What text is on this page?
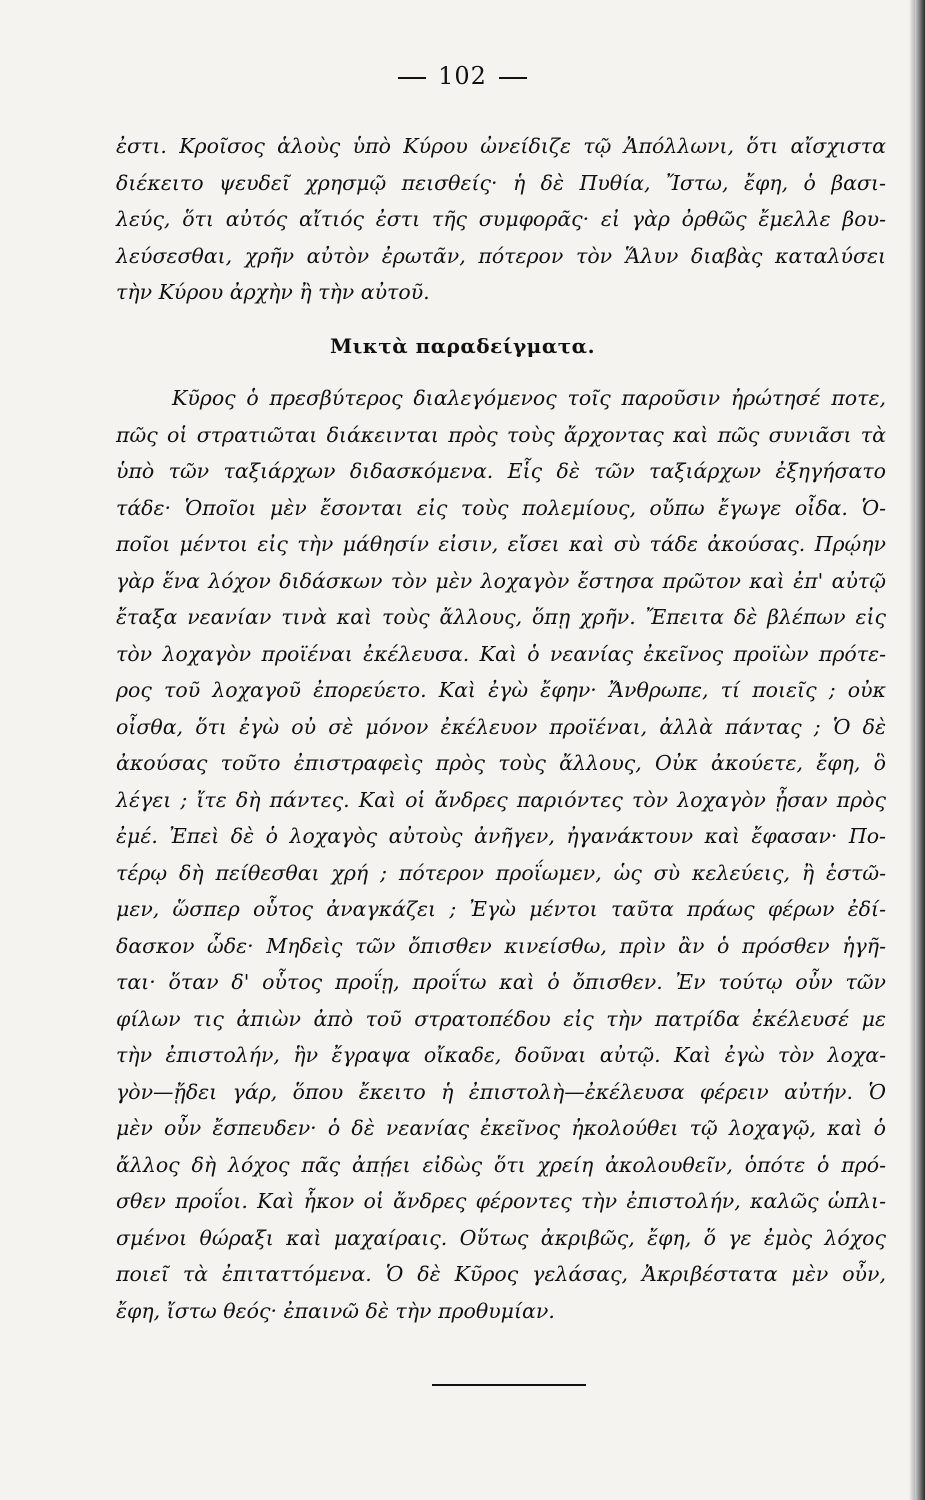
102
ἐστι. Κροῖσος ἁλοὺς ὑπὸ Κύρου ὠνείδιζε τῷ Ἀπόλλωνι, ὅτι αἴσχιστα
διέκειτο ψευδεῖ χρησμῷ πεισθείς· ἡ δὲ Πυθία, Ἴστω, ἔφη, ὁ βασι-
λεύς, ὅτι αὐτός αἴτιός ἐστι τῆς συμφορᾶς· εἰ γὰρ ὀρθῶς ἔμελλε βου-
λεύσεσθαι, χρῆν αὐτὸν ἐρωτᾶν, πότερον τὸν Ἅλυν διαβὰς καταλύσει
τὴν Κύρου ἀρχὴν ἢ τὴν αὐτοῦ.
Μικτὰ παραδείγματα.
Κῦρος ὁ πρεσβύτερος διαλεγόμενος τοῖς παροῦσιν ἠρώτησέ ποτε,
πῶς οἱ στρατιῶται διάκεινται πρὸς τοὺς ἄρχοντας καὶ πῶς συνιᾶσι τὰ
ὑπὸ τῶν ταξιάρχων διδασκόμενα. Εἷς δὲ τῶν ταξιάρχων ἐξηγήσατο
τάδε· Ὁποῖοι μὲν ἔσονται εἰς τοὺς πολεμίους, οὔπω ἔγωγε οἶδα. Ὁ-
ποῖοι μέντοι εἰς τὴν μάθησίν εἰσιν, εἴσει καὶ σὺ τάδε ἀκούσας. Πρῴην
γὰρ ἕνα λόχον διδάσκων τὸν μὲν λοχαγὸν ἔστησα πρῶτον καὶ ἐπ' αὐτῷ
ἔταξα νεανίαν τινὰ καὶ τοὺς ἄλλους, ὅπῃ χρῆν. Ἔπειτα δὲ βλέπων εἰς
τὸν λοχαγὸν προϊέναι ἐκέλευσα. Καὶ ὁ νεανίας ἐκεῖνος προϊὼν πρότε-
ρος τοῦ λοχαγοῦ ἐπορεύετο. Καὶ ἐγὼ ἔφην· Ἄνθρωπε, τί ποιεῖς ; οὐκ
οἶσθα, ὅτι ἐγὼ οὐ σὲ μόνον ἐκέλευον προϊέναι, ἀλλὰ πάντας ; Ὁ δὲ
ἀκούσας τοῦτο ἐπιστραφεὶς πρὸς τοὺς ἄλλους, Οὐκ ἀκούετε, ἔφη, ὃ
λέγει ; ἴτε δὴ πάντες. Καὶ οἱ ἄνδρες παριόντες τὸν λοχαγὸν ᾖσαν πρὸς
ἐμέ. Ἐπεὶ δὲ ὁ λοχαγὸς αὐτοὺς ἀνῆγεν, ἠγανάκτουν καὶ ἔφασαν· Πο-
τέρῳ δὴ πείθεσθαι χρή ; πότερον προΐωμεν, ὡς σὺ κελεύεις, ἢ ἑστῶ-
μεν, ὥσπερ οὗτος ἀναγκάζει ; Ἐγὼ μέντοι ταῦτα πράως φέρων ἐδί-
δασκον ὧδε· Μηδεὶς τῶν ὄπισθεν κινείσθω, πρὶν ἂν ὁ πρόσθεν ἡγῆ-
ται· ὅταν δ' οὗτος προΐῃ, προΐτω καὶ ὁ ὄπισθεν. Ἐν τούτῳ οὖν τῶν
φίλων τις ἀπιὼν ἀπὸ τοῦ στρατοπέδου εἰς τὴν πατρίδα ἐκέλευσέ με
τὴν ἐπιστολήν, ἣν ἔγραψα οἴκαδε, δοῦναι αὐτῷ. Καὶ ἐγὼ τὸν λοχα-
γὸν—ᾔδει γάρ, ὅπου ἔκειτο ἡ ἐπιστολὴ—ἐκέλευσα φέρειν αὐτήν. Ὁ
μὲν οὖν ἔσπευδεν· ὁ δὲ νεανίας ἐκεῖνος ἠκολούθει τῷ λοχαγῷ, καὶ ὁ
ἄλλος δὴ λόχος πᾶς ἀπῄει εἰδὼς ὅτι χρείη ἀκολουθεῖν, ὁπότε ὁ πρό-
σθεν προΐοι. Καὶ ἧκον οἱ ἄνδρες φέροντες τὴν ἐπιστολήν, καλῶς ὡπλι-
σμένοι θώραξι καὶ μαχαίραις. Οὕτως ἀκριβῶς, ἔφη, ὅ γε ἐμὸς λόχος
ποιεῖ τὰ ἐπιταττόμενα. Ὁ δὲ Κῦρος γελάσας, Ἀκριβέστατα μὲν οὖν,
ἔφη, ἴστω θεός· ἐπαινῶ δὲ τὴν προθυμίαν.
